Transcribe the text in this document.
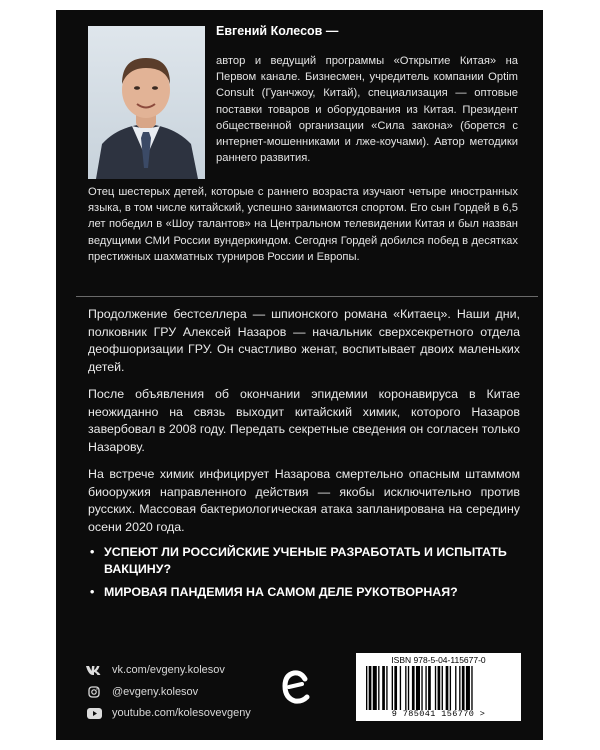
Евгений Колесов —

автор и ведущий программы «Открытие Китая» на Первом канале. Бизнесмен, учредитель компании Optim Consult (Гуанчжоу, Китай), специализация — оптовые поставки товаров и оборудования из Китая. Президент общественной организации «Сила закона» (борется с интернет-мошенниками и лже-коучами). Автор методики раннего развития.

Отец шестерых детей, которые с раннего возраста изучают четыре иностранных языка, в том числе китайский, успешно занимаются спортом. Его сын Гордей в 6,5 лет победил в «Шоу талантов» на Центральном телевидении Китая и был назван ведущими СМИ России вундеркиндом. Сегодня Гордей добился побед в десятках престижных шахматных турниров России и Европы.

Продолжение бестселлера — шпионского романа «Китаец». Наши дни, полковник ГРУ Алексей Назаров — начальник сверхсекретного отдела деофшоризации ГРУ. Он счастливо женат, воспитывает двоих маленьких детей.

После объявления об окончании эпидемии коронавируса в Китае неожиданно на связь выходит китайский химик, которого Назаров завербовал в 2008 году. Передать секретные сведения он согласен только Назарову.

На встрече химик инфицирует Назарова смертельно опасным штаммом биооружия направленного действия — якобы исключительно против русских. Массовая бактериологическая атака запланирована на середину осени 2020 года.

• УСПЕЮТ ЛИ РОССИЙСКИЕ УЧЕНЫЕ РАЗРАБОТАТЬ И ИСПЫТАТЬ ВАКЦИНУ?
• МИРОВАЯ ПАНДЕМИЯ НА САМОМ ДЕЛЕ РУКОТВОРНАЯ?
vk.com/evgeny.kolesov
@evgeny.kolesov
youtube.com/kolesovevgeny
ISBN 978-5-04-115677-0
9 785041 156770 >
